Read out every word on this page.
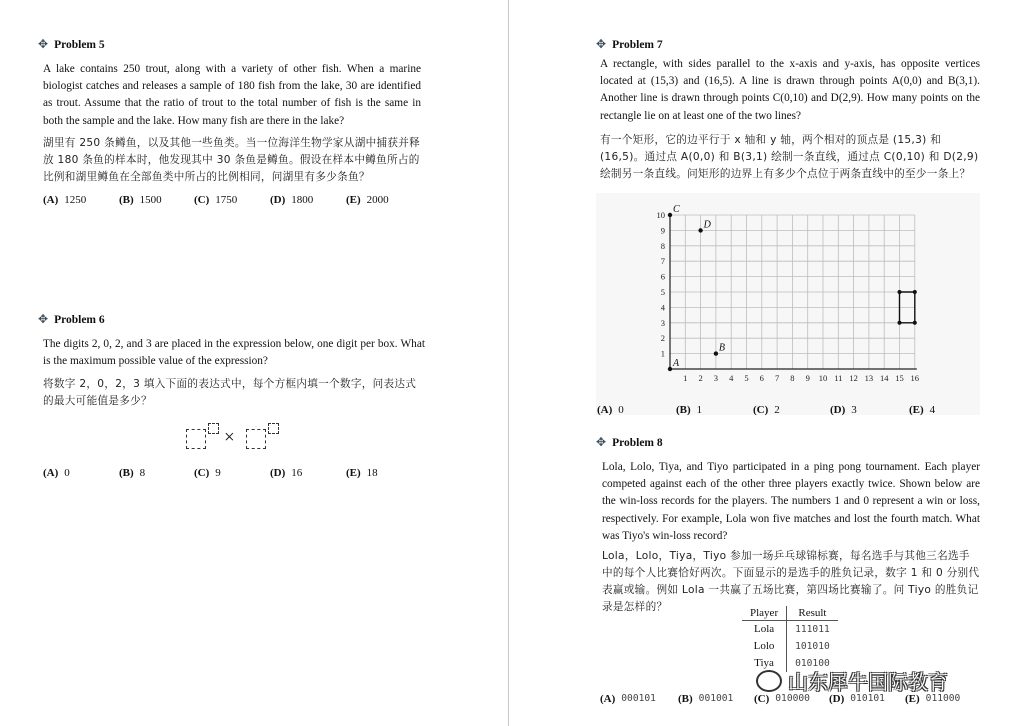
✥ Problem 5
A lake contains 250 trout, along with a variety of other fish. When a marine biologist catches and releases a sample of 180 fish from the lake, 30 are identified as trout. Assume that the ratio of trout to the total number of fish is the same in both the sample and the lake. How many fish are there in the lake?
湖里有 250 条鳟鱼，以及其他一些鱼类。当一位海洋生物学家从湖中捕获并释放 180 条鱼的样本时，他发现其中 30 条鱼是鳟鱼。假设在样本中鳟鱼所占的比例和湖里鳟鱼在全部鱼类中所占的比例相同，问湖里有多少条鱼？
(A) 1250	(B) 1500	(C) 1750	(D) 1800	(E) 2000
✥ Problem 6
The digits 2, 0, 2, and 3 are placed in the expression below, one digit per box. What is the maximum possible value of the expression?
将数字 2，0，2，3 填入下面的表达式中，每个方框内填一个数字，问表达式的最大可能值是多少？
×
(A) 0	(B) 8	(C) 9	(D) 16	(E) 18
✥ Problem 7
A rectangle, with sides parallel to the x-axis and y-axis, has opposite vertices located at (15,3) and (16,5). A line is drawn through points A(0,0) and B(3,1). Another line is drawn through points C(0,10) and D(2,9). How many points on the rectangle lie on at least one of the two lines?
有一个矩形，它的边平行于 x 轴和 y 轴，两个相对的顶点是 (15,3) 和 (16,5)。通过点 A(0,0) 和 B(3,1) 绘制一条直线，通过点 C(0,10) 和 D(2,9) 绘制另一条直线。问矩形的边界上有多少个点位于两条直线中的至少一条上？
1 2 3 4 5 6 7 8 9 10 11 12 13 14 15 16
1
2
3
4
5
6
7
8
9
10
A
B
C
D
(A) 0	(B) 1	(C) 2	(D) 3	(E) 4
✥ Problem 8
Lola, Lolo, Tiya, and Tiyo participated in a ping pong tournament. Each player competed against each of the other three players exactly twice. Shown below are the win-loss records for the players. The numbers 1 and 0 represent a win or loss, respectively. For example, Lola won five matches and lost the fourth match. What was Tiyo's win-loss record?
Lola，Lolo，Tiya，Tiyo 参加一场乒乓球锦标赛，每名选手与其他三名选手中的每个人比赛恰好两次。下面显示的是选手的胜负记录，数字 1 和 0 分别代表赢或输。例如 Lola 一共赢了五场比赛，第四场比赛输了。问 Tiyo 的胜负记录是怎样的？	Player	Result
Lola	111011
Lolo	101010
Tiya	010100
山东犀牛国际教育
(A) 000101 (B) 001001 (C) 010000 (D) 010101 (E) 011000
